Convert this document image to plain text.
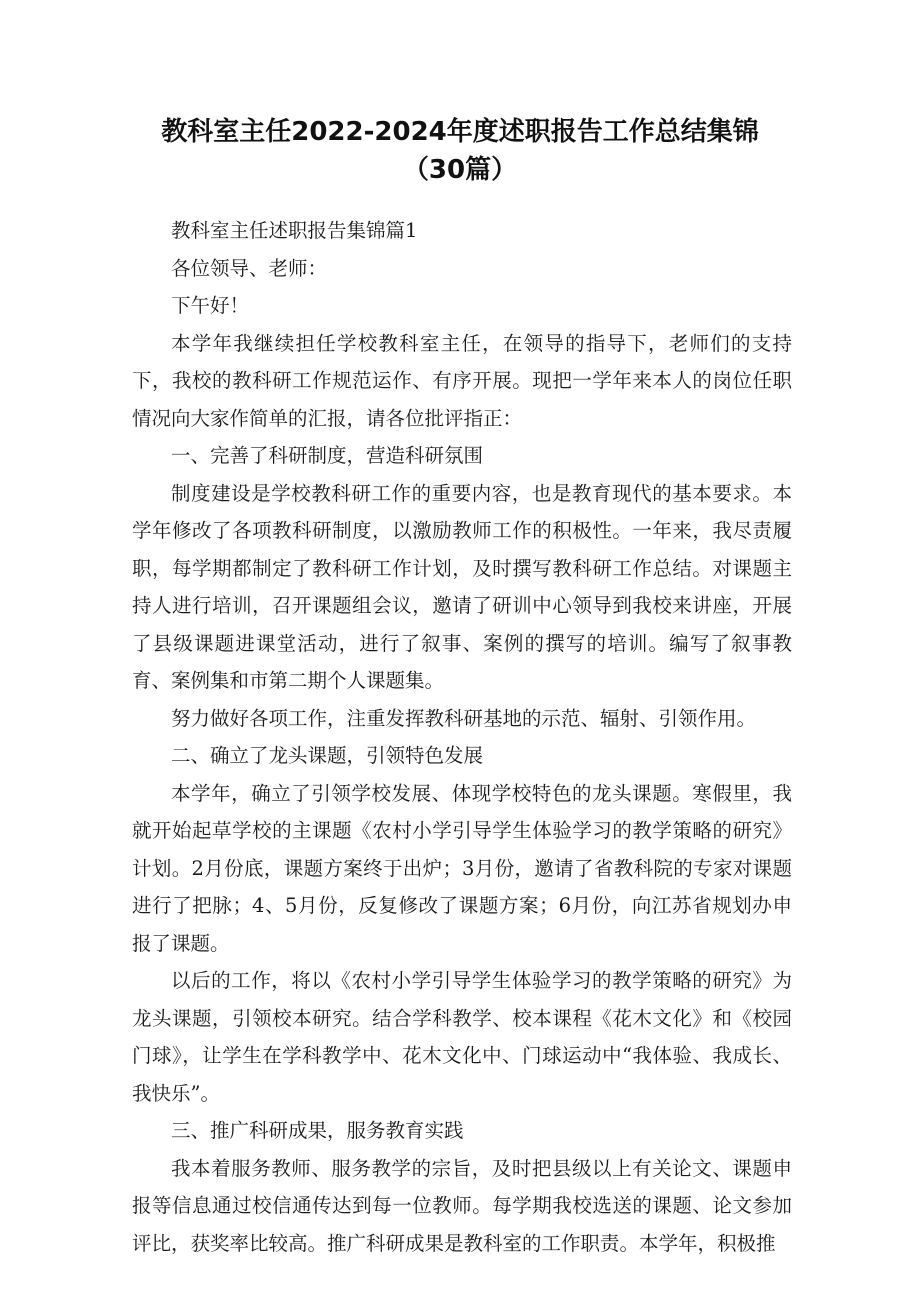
教科室主任2022-2024年度述职报告工作总结集锦
（30篇）

教科室主任述职报告集锦篇1

各位领导、老师：

下午好！

本学年我继续担任学校教科室主任，在领导的指导下，老师们的支持下，我校的教科研工作规范运作、有序开展。现把一学年来本人的岗位任职情况向大家作简单的汇报，请各位批评指正：

一、完善了科研制度，营造科研氛围

制度建设是学校教科研工作的重要内容，也是教育现代的基本要求。本学年修改了各项教科研制度，以激励教师工作的积极性。一年来，我尽责履职，每学期都制定了教科研工作计划，及时撰写教科研工作总结。对课题主持人进行培训，召开课题组会议，邀请了研训中心领导到我校来讲座，开展了县级课题进课堂活动，进行了叙事、案例的撰写的培训。编写了叙事教育、案例集和市第二期个人课题集。

努力做好各项工作，注重发挥教科研基地的示范、辐射、引领作用。

二、确立了龙头课题，引领特色发展

本学年，确立了引领学校发展、体现学校特色的龙头课题。寒假里，我就开始起草学校的主课题《农村小学引导学生体验学习的教学策略的研究》计划。2月份底，课题方案终于出炉；3月份，邀请了省教科院的专家对课题进行了把脉；4、5月份，反复修改了课题方案；6月份，向江苏省规划办申报了课题。

以后的工作，将以《农村小学引导学生体验学习的教学策略的研究》为龙头课题，引领校本研究。结合学科教学、校本课程《花木文化》和《校园门球》，让学生在学科教学中、花木文化中、门球运动中“我体验、我成长、我快乐”。

三、推广科研成果，服务教育实践

我本着服务教师、服务教学的宗旨，及时把县级以上有关论文、课题申报等信息通过校信通传达到每一位教师。每学期我校选送的课题、论文参加评比，获奖率比较高。推广科研成果是教科室的工作职责。本学年，积极推
